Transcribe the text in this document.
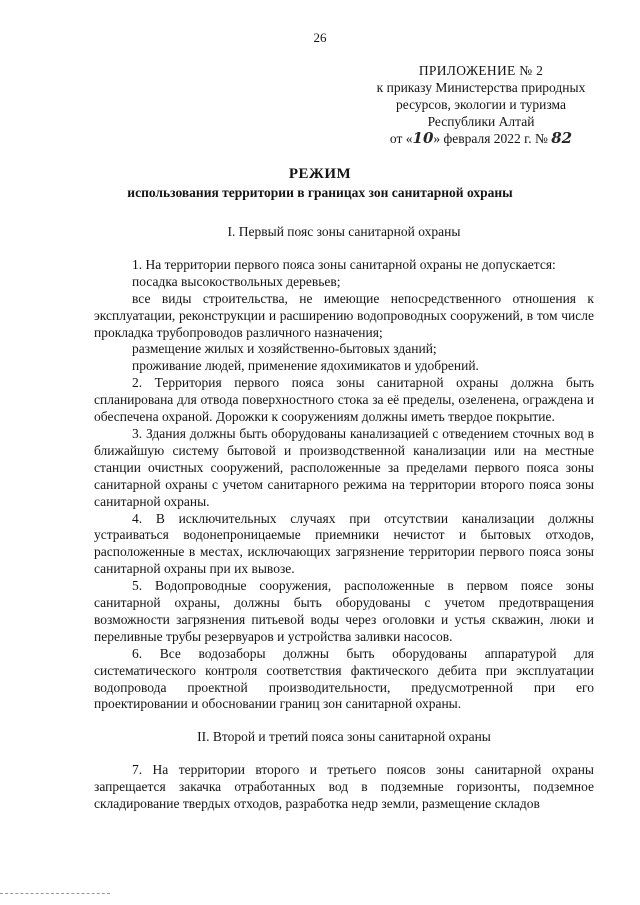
26
ПРИЛОЖЕНИЕ № 2
к приказу Министерства природных
ресурсов, экологии и туризма
Республики Алтай
от «10» февраля 2022 г. № 82
РЕЖИМ
использования территории в границах зон санитарной охраны
I. Первый пояс зоны санитарной охраны

1. На территории первого пояса зоны санитарной охраны не допускается:

посадка высокоствольных деревьев;

все виды строительства, не имеющие непосредственного отношения к эксплуатации, реконструкции и расширению водопроводных сооружений, в том числе прокладка трубопроводов различного назначения;

размещение жилых и хозяйственно-бытовых зданий;

проживание людей, применение ядохимикатов и удобрений.

2. Территория первого пояса зоны санитарной охраны должна быть спланирована для отвода поверхностного стока за её пределы, озеленена, ограждена и обеспечена охраной. Дорожки к сооружениям должны иметь твердое покрытие.

3. Здания должны быть оборудованы канализацией с отведением сточных вод в ближайшую систему бытовой и производственной канализации или на местные станции очистных сооружений, расположенные за пределами первого пояса зоны санитарной охраны с учетом санитарного режима на территории второго пояса зоны санитарной охраны.

4. В исключительных случаях при отсутствии канализации должны устраиваться водонепроницаемые приемники нечистот и бытовых отходов, расположенные в местах, исключающих загрязнение территории первого пояса зоны санитарной охраны при их вывозе.

5. Водопроводные сооружения, расположенные в первом поясе зоны санитарной охраны, должны быть оборудованы с учетом предотвращения возможности загрязнения питьевой воды через оголовки и устья скважин, люки и переливные трубы резервуаров и устройства заливки насосов.

6. Все водозаборы должны быть оборудованы аппаратурой для систематического контроля соответствия фактического дебита при эксплуатации водопровода проектной производительности, предусмотренной при его проектировании и обосновании границ зон санитарной охраны.

II. Второй и третий пояса зоны санитарной охраны

7. На территории второго и третьего поясов зоны санитарной охраны запрещается закачка отработанных вод в подземные горизонты, подземное складирование твердых отходов, разработка недр земли, размещение складов
